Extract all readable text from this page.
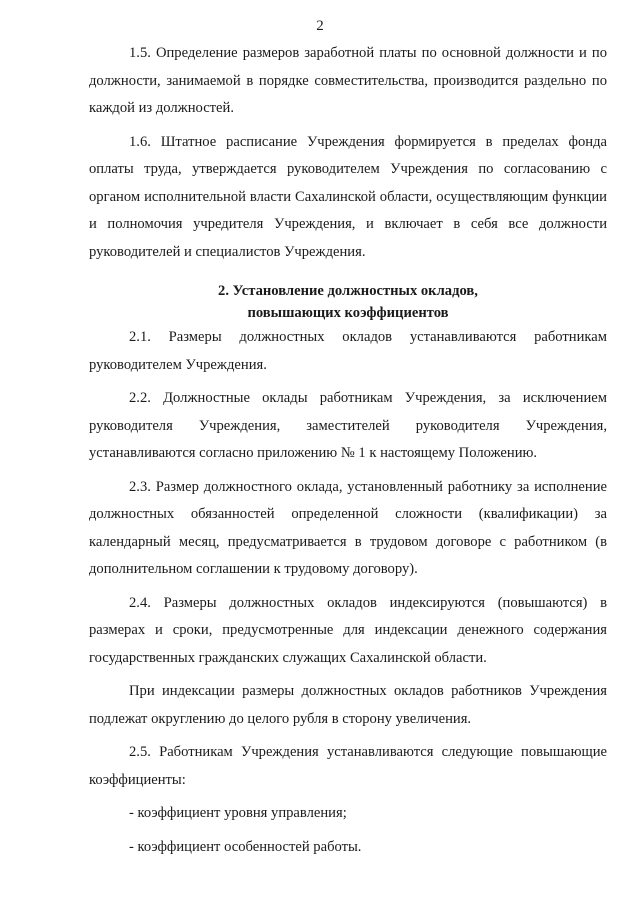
2

1.5. Определение размеров заработной платы по основной должности и по должности, занимаемой в порядке совместительства, производится раздельно по каждой из должностей.

1.6. Штатное расписание Учреждения формируется в пределах фонда оплаты труда, утверждается руководителем Учреждения по согласованию с органом исполнительной власти Сахалинской области, осуществляющим функции и полномочия учредителя Учреждения, и включает в себя все должности руководителей и специалистов Учреждения.

2. Установление должностных окладов,
повышающих коэффициентов

2.1. Размеры должностных окладов устанавливаются работникам руководителем Учреждения.

2.2. Должностные оклады работникам Учреждения, за исключением руководителя Учреждения, заместителей руководителя Учреждения, устанавливаются согласно приложению № 1 к настоящему Положению.

2.3. Размер должностного оклада, установленный работнику за исполнение должностных обязанностей определенной сложности (квалификации) за календарный месяц, предусматривается в трудовом договоре с работником (в дополнительном соглашении к трудовому договору).

2.4. Размеры должностных окладов индексируются (повышаются) в размерах и сроки, предусмотренные для индексации денежного содержания государственных гражданских служащих Сахалинской области.

При индексации размеры должностных окладов работников Учреждения подлежат округлению до целого рубля в сторону увеличения.

2.5. Работникам Учреждения устанавливаются следующие повышающие коэффициенты:

- коэффициент уровня управления;

- коэффициент особенностей работы.
